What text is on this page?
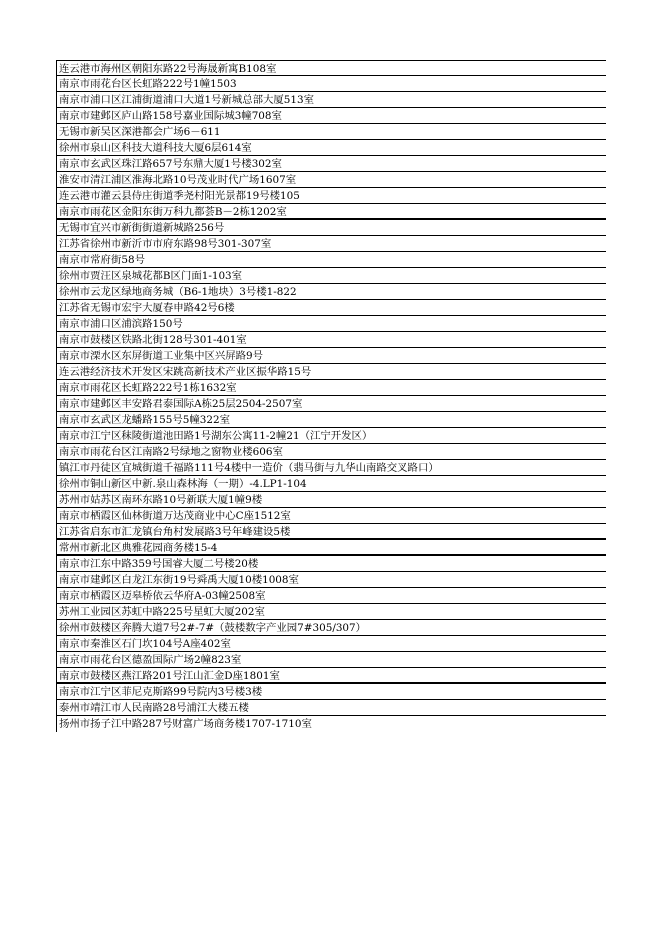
连云港市海州区朝阳东路22号海晟新寓B108室
南京市雨花台区长虹路222号1幢1503
南京市浦口区江浦街道浦口大道1号新城总部大厦513室
南京市建邺区庐山路158号嘉业国际城3幢708室
无锡市新吴区深港都会广场6－611
徐州市泉山区科技大道科技大厦6层614室
南京市玄武区珠江路657号东鼎大厦1号楼302室
淮安市清江浦区淮海北路10号茂业时代广场1607室
连云港市灌云县侍庄街道季尧村阳光景都19号楼105
南京市雨花区金阳东街万科九都荟B－2栋1202室
无锡市宜兴市新街街道新城路256号
江苏省徐州市新沂市市府东路98号301-307室
南京市常府街58号
徐州市贾汪区泉城花都B区门面1-103室
徐州市云龙区绿地商务城（B6-1地块）3号楼1-822
江苏省无锡市宏宇大厦春申路42号6楼
南京市浦口区浦滨路150号
南京市鼓楼区铁路北街128号301-401室
南京市溧水区东屏街道工业集中区兴屏路9号
连云港经济技术开发区宋跳高新技术产业区振华路15号
南京市雨花区长虹路222号1栋1632室
南京市建邺区丰安路君泰国际A栋25层2504-2507室
南京市玄武区龙蟠路155号5幢322室
南京市江宁区秣陵街道池田路1号湖东公寓11-2幢21（江宁开发区）
南京市雨花台区江南路2号绿地之窗物业楼606室
镇江市丹徒区宜城街道千福路111号4楼中一造价（翡马街与九华山南路交叉路口）
徐州市铜山新区中新.泉山森林海（一期）-4.LP1-104
苏州市姑苏区南环东路10号新联大厦1幢9楼
南京市栖霞区仙林街道万达茂商业中心C座1512室
江苏省启东市汇龙镇台角村发展路3号年峰建设5楼
常州市新北区典雅花园商务楼15-4
南京市江东中路359号国睿大厦二号楼20楼
南京市建邺区白龙江东街19号舜禹大厦10楼1008室
南京市栖霞区迈皋桥依云华府A-03幢2508室
苏州工业园区苏虹中路225号星虹大厦202室
徐州市鼓楼区奔腾大道7号2#-7#（鼓楼数字产业园7#305/307）
南京市秦淮区石门坎104号A座402室
南京市雨花台区德盈国际广场2幢823室
南京市鼓楼区燕江路201号江山汇金D座1801室
南京市江宁区菲尼克斯路99号院内3号楼3楼
泰州市靖江市人民南路28号浦江大楼五楼
扬州市扬子江中路287号财富广场商务楼1707-1710室
